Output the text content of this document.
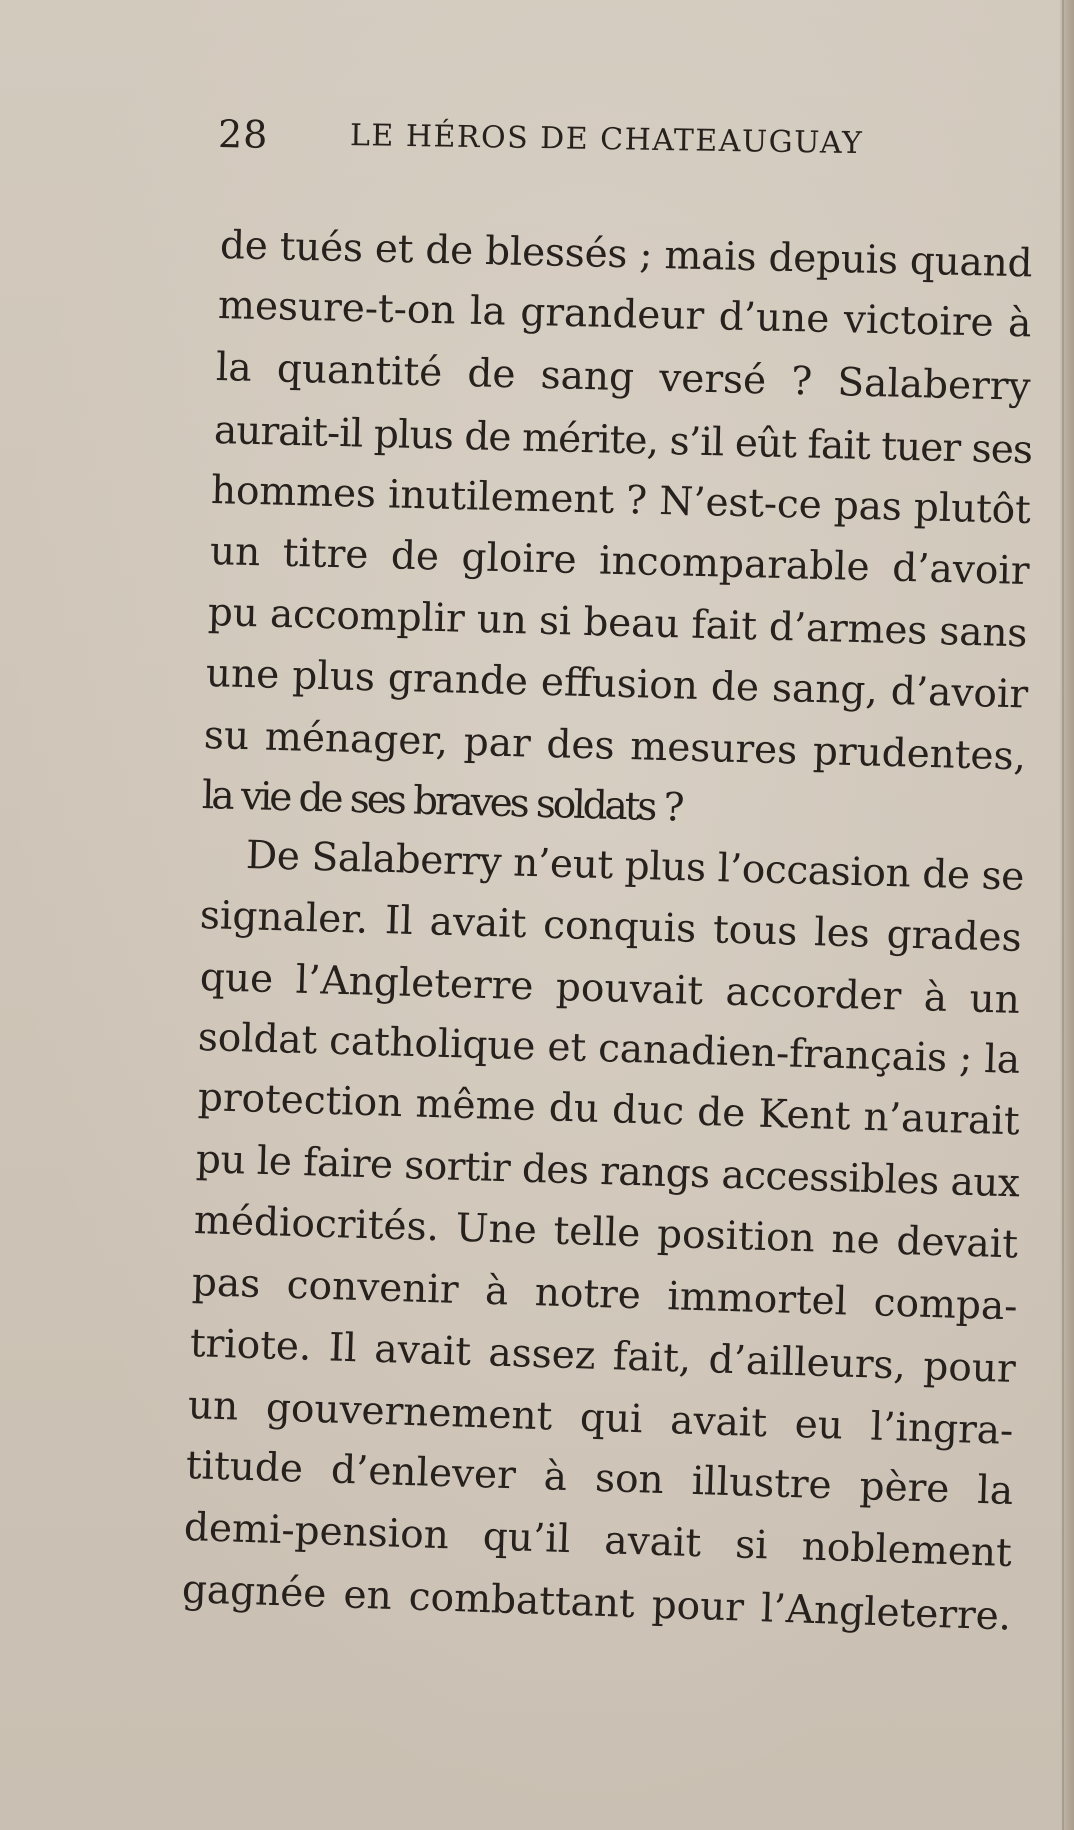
28	LE HÉROS DE CHATEAUGUAY
de tués et de blessés ; mais depuis quand
mesure-t-on la grandeur d’une victoire à
la quantité de sang versé ? Salaberry
aurait-il plus de mérite, s’il eût fait tuer ses
hommes inutilement ? N’est-ce pas plutôt
un titre de gloire incomparable d’avoir
pu accomplir un si beau fait d’armes sans
une plus grande effusion de sang, d’avoir
su ménager, par des mesures prudentes,
la vie de ses braves soldats ?
De Salaberry n’eut plus l’occasion de se
signaler. Il avait conquis tous les grades
que l’Angleterre pouvait accorder à un
soldat catholique et canadien-français ; la
protection même du duc de Kent n’aurait
pu le faire sortir des rangs accessibles aux
médiocrités. Une telle position ne devait
pas convenir à notre immortel compa-
triote. Il avait assez fait, d’ailleurs, pour
un gouvernement qui avait eu l’ingra-
titude d’enlever à son illustre père la
demi-pension qu’il avait si noblement
gagnée en combattant pour l’Angleterre.
